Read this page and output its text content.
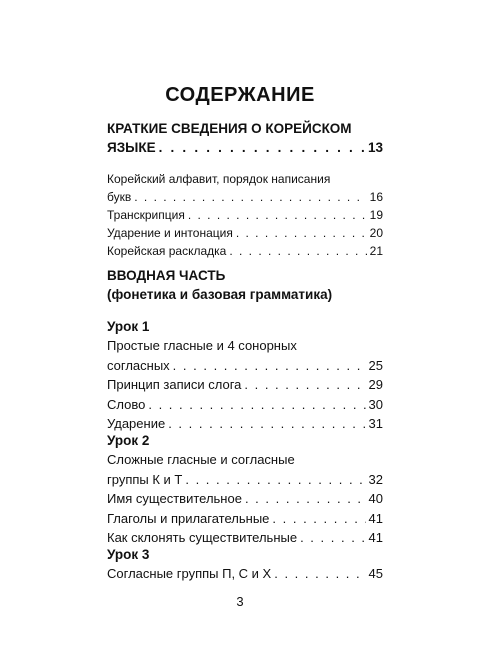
СОДЕРЖАНИЕ
КРАТКИЕ СВЕДЕНИЯ О КОРЕЙСКОМ
ЯЗЫКЕ . . .	13
Корейский алфавит, порядок написания
букв . . .	16
Транскрипция . . .	19
Ударение и интонация . . .	20
Корейская раскладка . . .	21
ВВОДНАЯ ЧАСТЬ
(фонетика и базовая грамматика)
Урок 1
Простые гласные и 4 сонорных
согласных . . .	25
Принцип записи слога . . .	29
Слово . . .	30
Ударение . . .	31
Урок 2
Сложные гласные и согласные
группы К и Т . . .	32
Имя существительное . . .	40
Глаголы и прилагательные . . .	41
Как склонять существительные . . .	41
Урок 3
Согласные группы П, С и Х . . .	45
3
